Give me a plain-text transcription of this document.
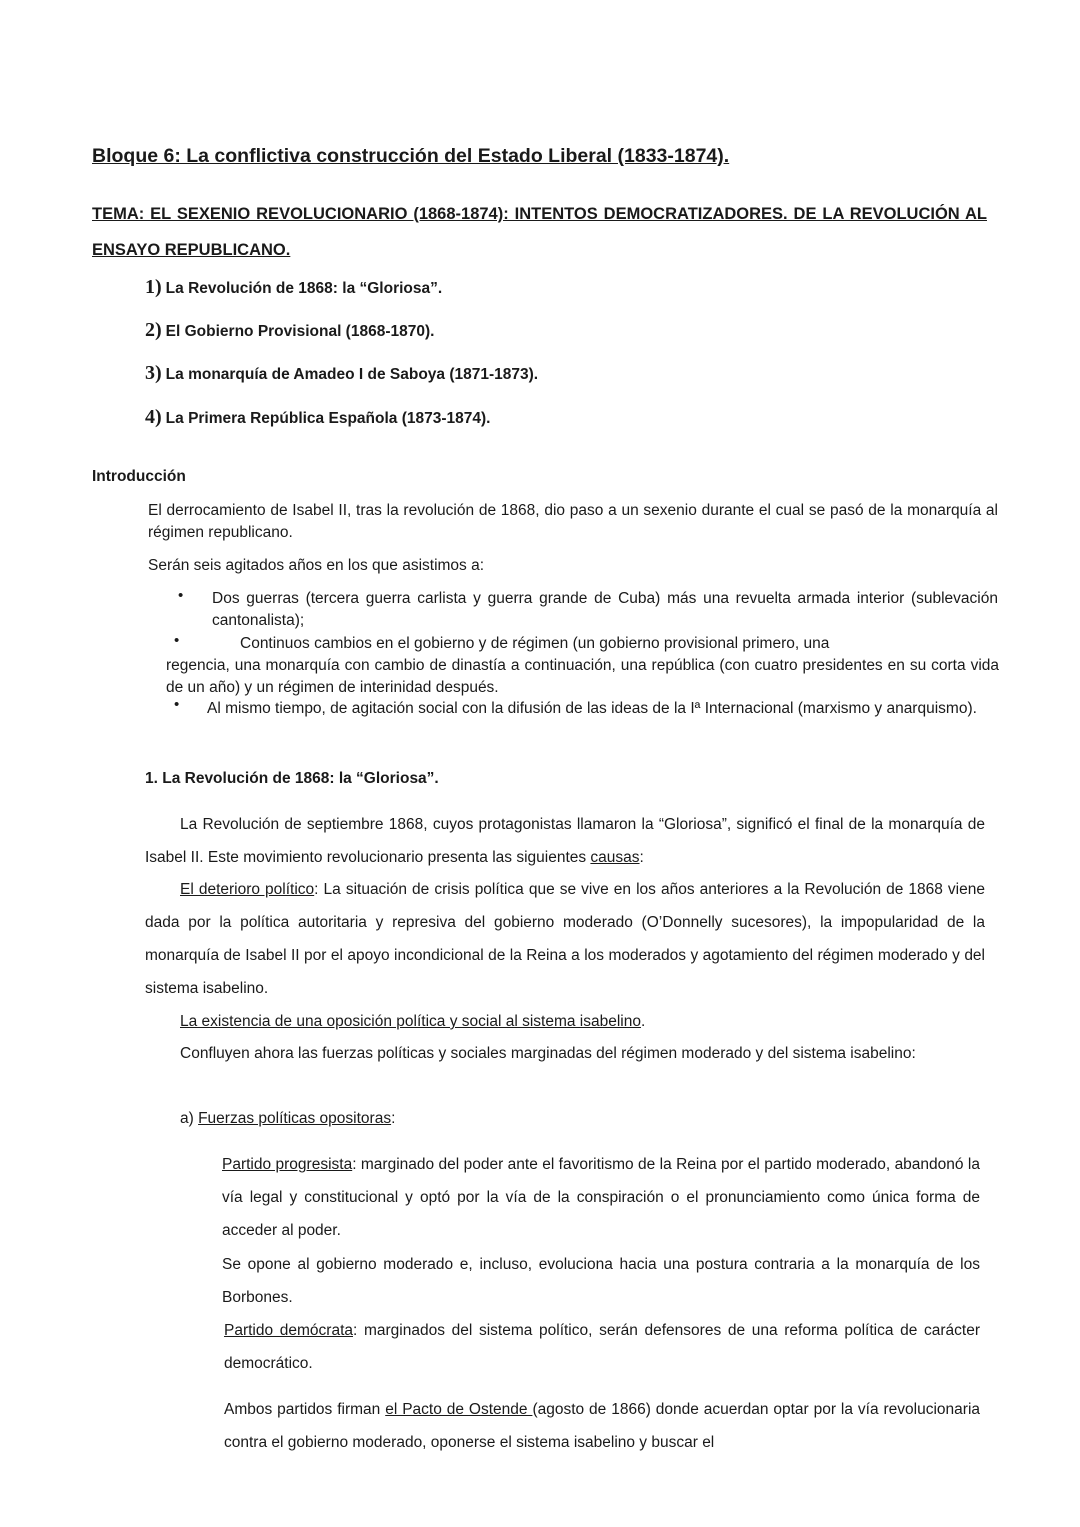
Bloque 6: La conflictiva construcción del Estado Liberal (1833-1874).
TEMA: EL SEXENIO REVOLUCIONARIO (1868-1874): INTENTOS DEMOCRATIZADORES. DE LA REVOLUCIÓN AL ENSAYO REPUBLICANO.
1) La Revolución de 1868: la “Gloriosa”.
2) El Gobierno Provisional (1868-1870).
3) La monarquía de Amadeo I de Saboya (1871-1873).
4) La Primera República Española (1873-1874).
Introducción

El derrocamiento de Isabel II, tras la revolución de 1868, dio paso a un sexenio durante el cual se pasó de la monarquía al régimen republicano.

Serán seis agitados años en los que asistimos a:

• Dos guerras (tercera guerra carlista y guerra grande de Cuba) más una revuelta armada interior (sublevación cantonalista);

•	Continuos cambios en el gobierno y de régimen (un gobierno provisional primero, una

regencia, una monarquía con cambio de dinastía a continuación, una república (con cuatro presidentes en su corta vida de un año) y un régimen de interinidad después.

• Al mismo tiempo, de agitación social con la difusión de las ideas de la Iª Internacional (marxismo y anarquismo).

1. La Revolución de 1868: la “Gloriosa”.

La Revolución de septiembre 1868, cuyos protagonistas llamaron la “Gloriosa”, significó el final de la monarquía de Isabel II. Este movimiento revolucionario presenta las siguientes causas:

El deterioro político: La situación de crisis política que se vive en los años anteriores a la Revolución de 1868 viene dada por la política autoritaria y represiva del gobierno moderado (O’Donnelly sucesores), la impopularidad de la monarquía de Isabel II por el apoyo incondicional de la Reina a los moderados y agotamiento del régimen moderado y del sistema isabelino.

La existencia de una oposición política y social al sistema isabelino.

Confluyen ahora las fuerzas políticas y sociales marginadas del régimen moderado y del sistema isabelino:

a) Fuerzas políticas opositoras:

Partido progresista: marginado del poder ante el favoritismo de la Reina por el partido moderado, abandonó la vía legal y constitucional y optó por la vía de la conspiración o el pronunciamiento como única forma de acceder al poder.

Se opone al gobierno moderado e, incluso, evoluciona hacia una postura contraria a la monarquía de los Borbones.

Partido demócrata: marginados del sistema político, serán defensores de una reforma política de carácter democrático.

Ambos partidos firman el Pacto de Ostende (agosto de 1866) donde acuerdan optar por la vía revolucionaria contra el gobierno moderado, oponerse el sistema isabelino y buscar el
